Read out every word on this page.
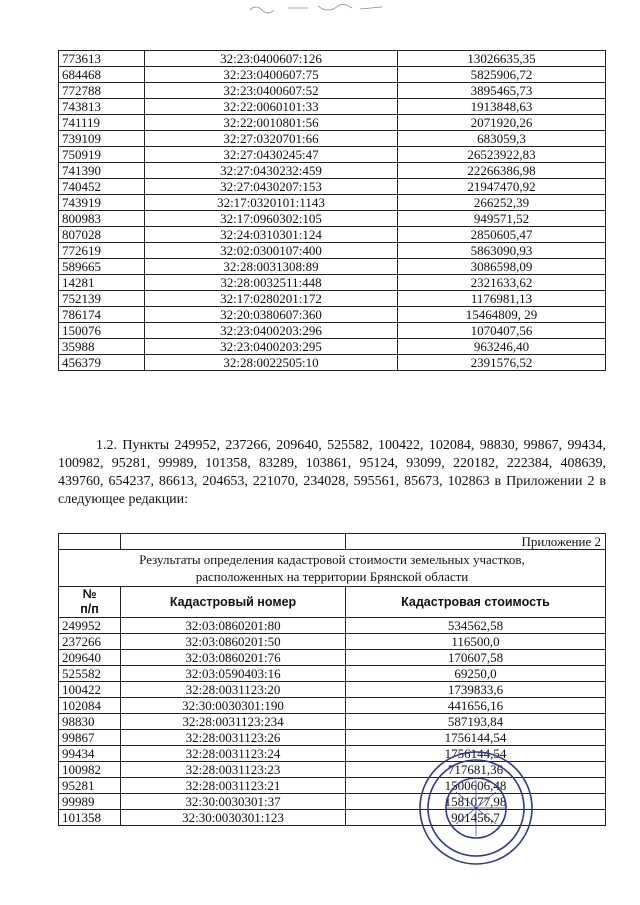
773613	32:23:0400607:126	13026635,35
684468	32:23:0400607:75	5825906,72
772788	32:23:0400607:52	3895465,73
743813	32:22:0060101:33	1913848,63
741119	32:22:0010801:56	2071920,26
739109	32:27:0320701:66	683059,3
750919	32:27:0430245:47	26523922,83
741390	32:27:0430232:459	22266386,98
740452	32:27:0430207:153	21947470,92
743919	32:17:0320101:1143	266252,39
800983	32:17:0960302:105	949571,52
807028	32:24:0310301:124	2850605,47
772619	32:02:0300107:400	5863090,93
589665	32:28:0031308:89	3086598,09
14281	32:28:0032511:448	2321633,62
752139	32:17:0280201:172	1176981,13
786174	32:20:0380607:360	15464809, 29
150076	32:23:0400203:296	1070407,56
35988	32:23:0400203:295	963246,40
456379	32:28:0022505:10	2391576,52

1.2. Пункты 249952, 237266, 209640, 525582, 100422, 102084, 98830, 99867, 99434, 100982, 95281, 99989, 101358, 83289, 103861, 95124, 93099, 220182, 222384, 408639, 439760, 654237, 86613, 204653, 221070, 234028, 595561, 85673, 102863 в Приложении 2 в следующее редакции:

		Приложение 2
Результаты определения кадастровой стоимости земельных участков,
расположенных на территории Брянской области		
№
п/п	Кадастровый номер	Кадастровая стоимость
249952	32:03:0860201:80	534562,58
237266	32:03:0860201:50	116500,0
209640	32:03:0860201:76	170607,58
525582	32:03:0590403:16	69250,0
100422	32:28:0031123:20	1739833,6
102084	32:30:0030301:190	441656,16
98830	32:28:0031123:234	587193,84
99867	32:28:0031123:26	1756144,54
99434	32:28:0031123:24	1756144,54
100982	32:28:0031123:23	717681,36
95281	32:28:0031123:21	1500606,48
99989	32:30:0030301:37	1581077,98
101358	32:30:0030301:123	901456,7
